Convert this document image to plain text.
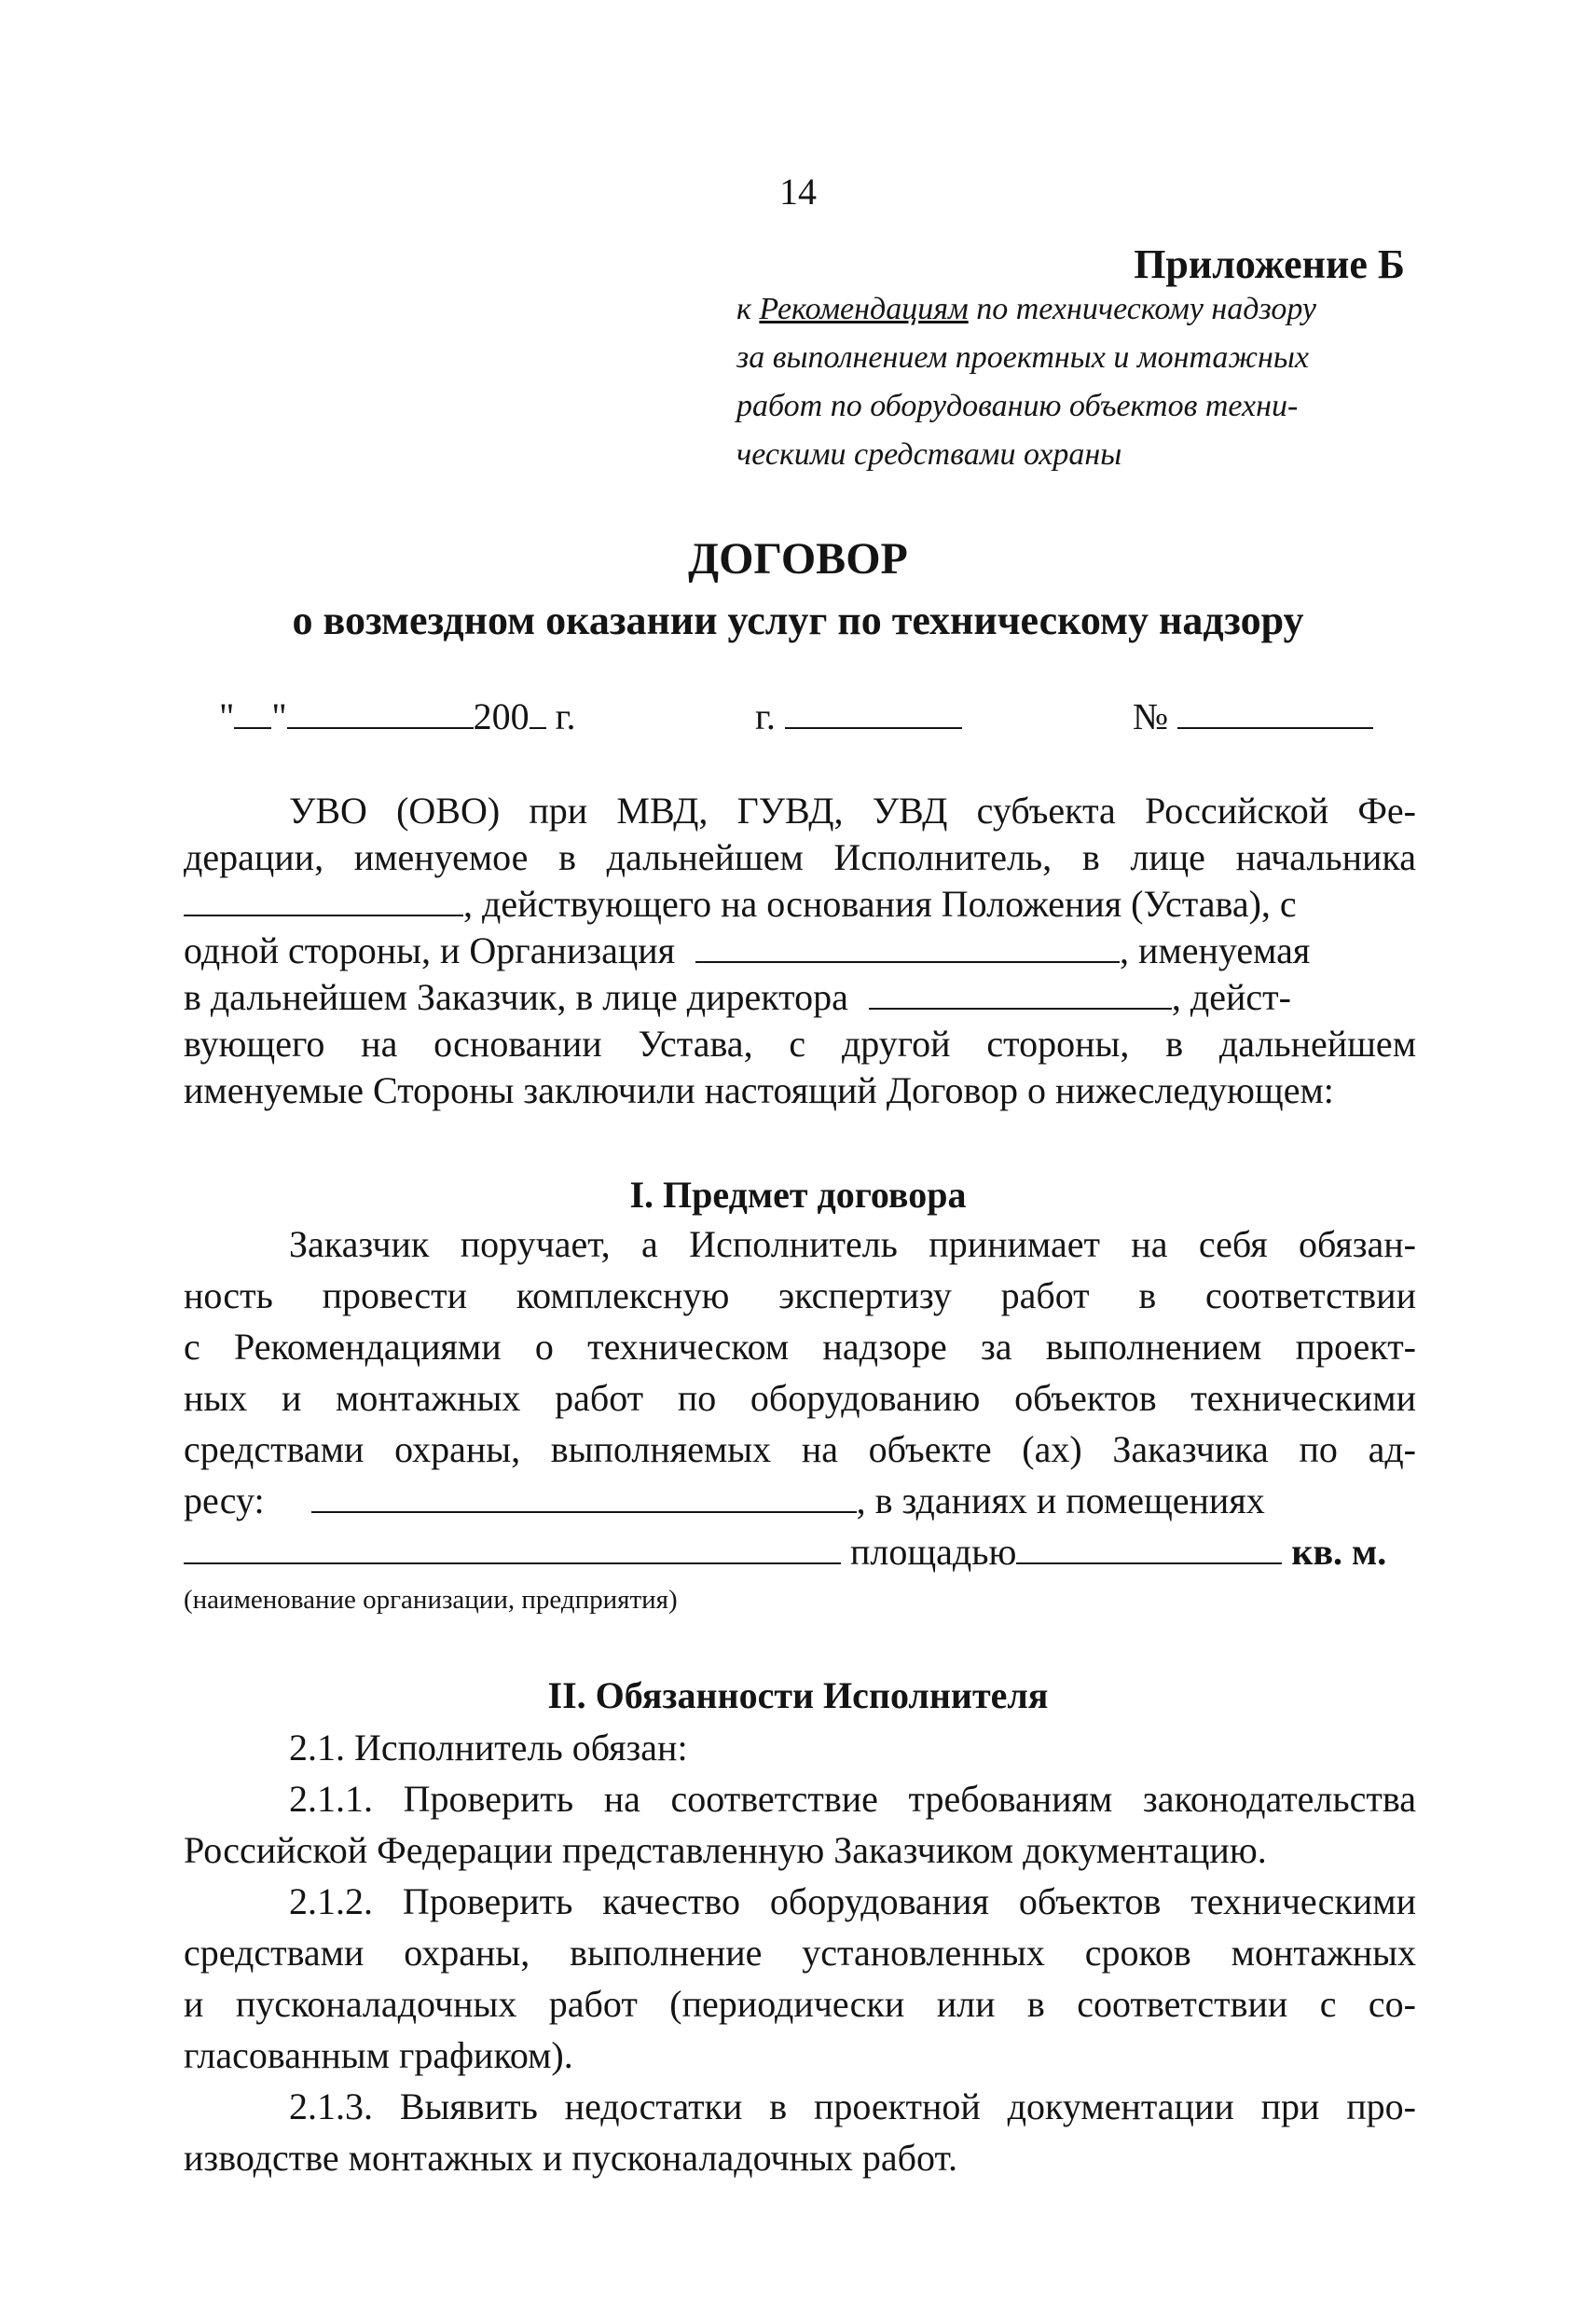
14
Приложение Б
к Рекомендациям по техническому надзору
за выполнением проектных и монтажных
работ по оборудованию объектов техни-
ческими средствами охраны
ДОГОВОР
о возмездном оказании услуг по техническому надзору
" "	200 г.	г.	№
УВО (ОВО) при МВД, ГУВД, УВД субъекта Российской Фе-
дерации, именуемое в дальнейшем Исполнитель, в лице начальника
, действующего на основания Положения (Устава), с
одной стороны, и Организация	, именуемая
в дальнейшем Заказчик, в лице директора	, дейст-
вующего на основании Устава, с другой стороны, в дальнейшем
именуемые Стороны заключили настоящий Договор о нижеследующем:
I. Предмет договора
Заказчик поручает, а Исполнитель принимает на себя обязан-
ность провести комплексную экспертизу работ в соответствии
с Рекомендациями о техническом надзоре за выполнением проект-
ных и монтажных работ по оборудованию объектов техническими
средствами охраны, выполняемых на объекте (ах) Заказчика по ад-
ресу:	, в зданиях и помещениях
площадью	кв. м.
(наименование организации, предприятия)
II. Обязанности Исполнителя
2.1. Исполнитель обязан:
2.1.1. Проверить на соответствие требованиям законодательства
Российской Федерации представленную Заказчиком документацию.
2.1.2. Проверить качество оборудования объектов техническими
средствами охраны, выполнение установленных сроков монтажных
и пусконаладочных работ (периодически или в соответствии с со-
гласованным графиком).
2.1.3. Выявить недостатки в проектной документации при про-
изводстве монтажных и пусконаладочных работ.
